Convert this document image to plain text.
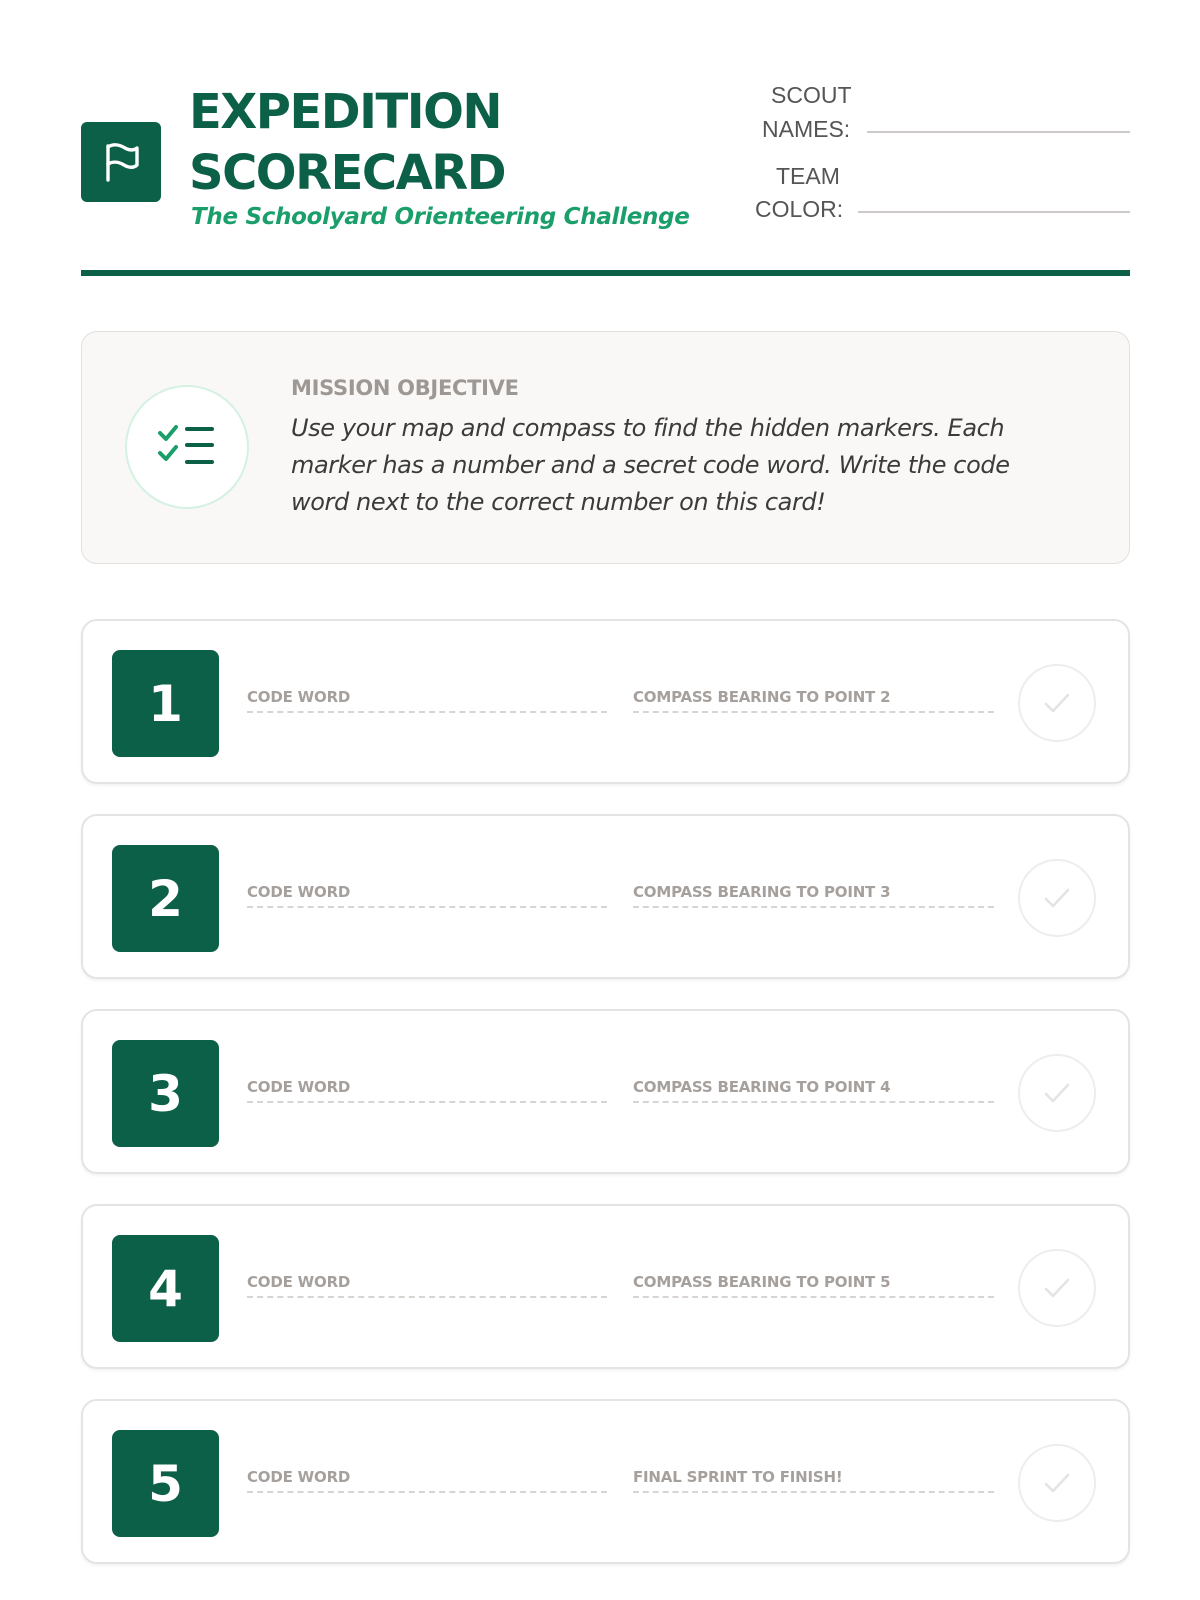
EXPEDITION
SCORECARD
The Schoolyard Orienteering Challenge
SCOUT
NAMES:
TEAM
COLOR:
MISSION OBJECTIVE
Use your map and compass to find the hidden markers. Each marker has a number and a secret code word. Write the code word next to the correct number on this card!
1	CODE WORD	COMPASS BEARING TO POINT 2
2	CODE WORD	COMPASS BEARING TO POINT 3
3	CODE WORD	COMPASS BEARING TO POINT 4
4	CODE WORD	COMPASS BEARING TO POINT 5
5	CODE WORD	FINAL SPRINT TO FINISH!
